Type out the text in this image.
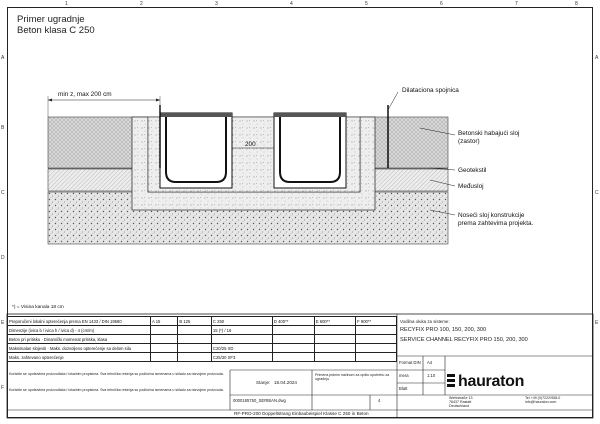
1	2	3	4	5	6	7	8
A
B
C
D
E
F
A
C
E
Primer ugradnje
Beton klasa C 250
min z, max 200 cm
200
Dilatacionа spojnica
Betonski habajući sloj
(zastor)
Geotekstil
Međusloj
Noseći sloj konstrukcije
prema zahtevima projekta.
*) = Visina kanala 18 cm
Preporučeni lokalni opterećenja prema EN 1433 / DIN 19580	A 15	B 125	C 250	D 400**	E 600**	F 900**
Dimenzije (ivica b / ivica h / ivica d) - 4 (cm/m)			15 (*) / 16			
Beton pri pritisku · Dinamički momenat pritiska, klasa						
Maksimalan slojeviti · Maks. dozvoljeno opterećenje sa delom sila			C20/25 XD			
Maks. zahtevano opterećenje			C25/30 XF3			
Koristite se uputstvima proizvođača i lokalnim propisima. Sva tehnička rešenja su podložna izmenama u skladu sa razvojem proizvoda.
Koristite se uputstvima proizvođača i lokalnim propisima. Sva tehnička rešenja su podložna izmenama u skladu sa razvojem proizvoda.
Stanje: 18.04.2024
Primena jednim načinom za opštu upotrebu za ugradnju.
0000185750_SERBIAN.dwg	4
Format DIN A4
mera	1:10
Blatt
Vodilna oluka za sisteme:
RECYFIX PRO 100, 150, 200, 300
SERVICE CHANNEL RECYFIX PRO 150, 200, 300
hauraton
Werkstraße 13
76437 Rastatt
Deutschland
Tel +49 (0)7222/958-0
info@hauraton.com
RF-PRO-200 Doppeltstrang Einbaubeispiel Klasse C 250 in Beton
